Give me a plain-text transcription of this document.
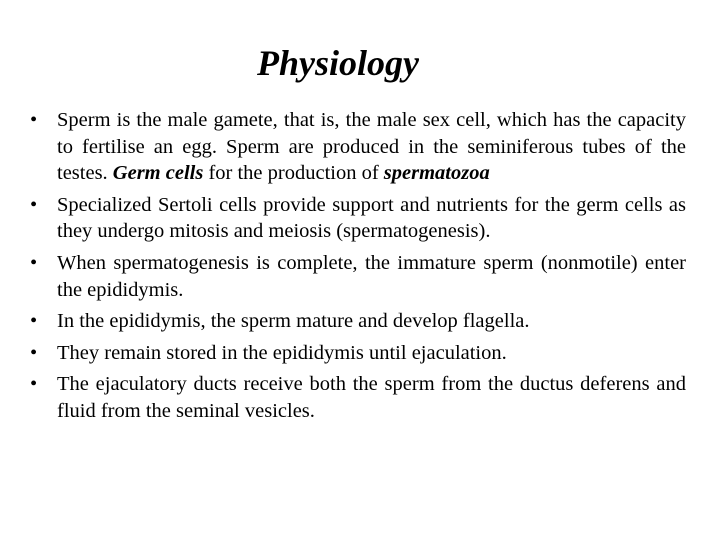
Physiology
• Sperm is the male gamete, that is, the male sex cell, which has the capacity to fertilise an egg. Sperm are produced in the seminiferous tubes of the testes. Germ cells for the production of spermatozoa
• Specialized Sertoli cells provide support and nutrients for the germ cells as they undergo mitosis and meiosis (spermatogenesis).
• When spermatogenesis is complete, the immature sperm (nonmotile) enter the epididymis.
• In the epididymis, the sperm mature and develop flagella.
• They remain stored in the epididymis until ejaculation.
• The ejaculatory ducts receive both the sperm from the ductus deferens and fluid from the seminal vesicles.
